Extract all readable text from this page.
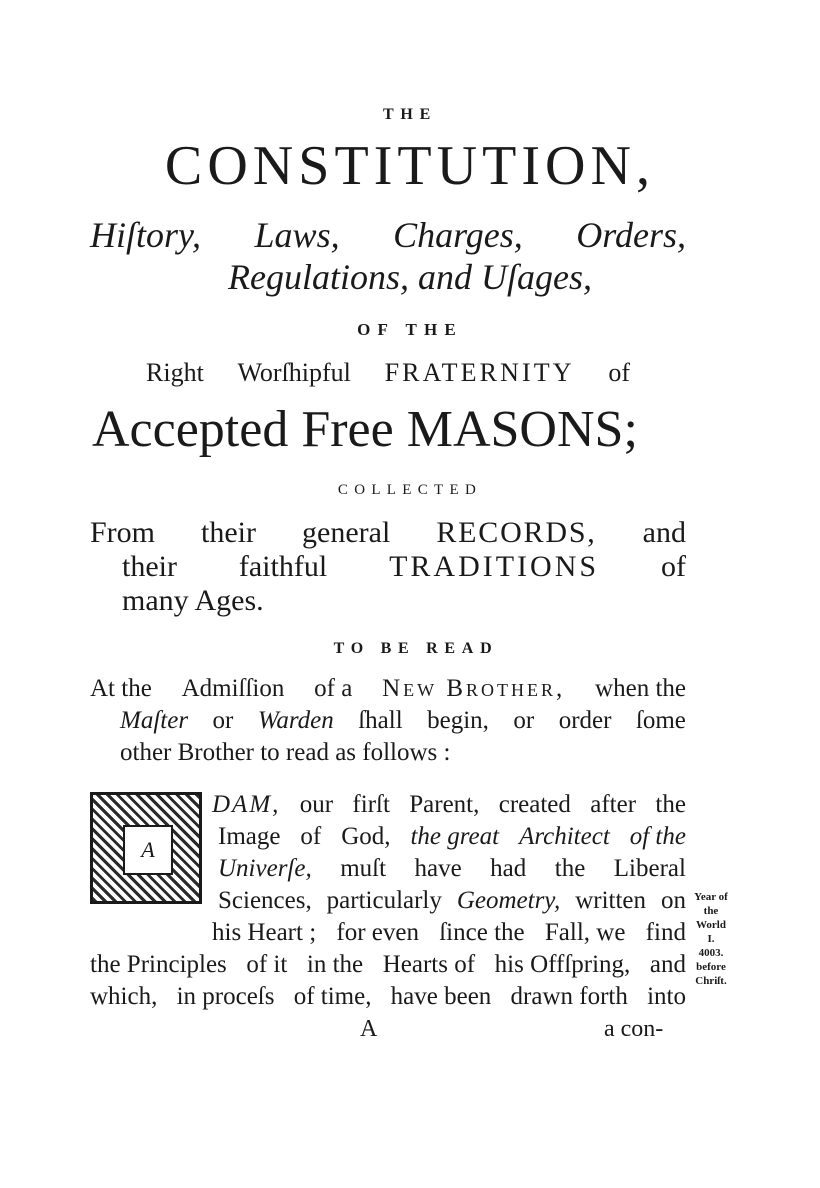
THE
CONSTITUTION,
Hiſtory, Laws, Charges, Orders,
Regulations, and Uſages,
OF THE
Right Worſhipful FRATERNITY of
Accepted Free MASONS;
COLLECTED
From their general RECORDS, and
their faithful TRADITIONS of
many Ages.
TO BE READ
At the Admiſſion of a New Brother, when the
Maſter or Warden ſhall begin, or order ſome
other Brother to read as follows :
A
DAM, our firſt Parent, created after the
Image of God, the great Architect of the
Univerſe, muſt have had the Liberal
Sciences, particularly Geometry, written on
his Heart ; for even ſince the Fall, we find
the Principles of it in the Hearts of his Offſpring, and
which, in proceſs of time, have been drawn forth into
Year of
the World
I.
4003.
before
Chriſt.
A	a con-
